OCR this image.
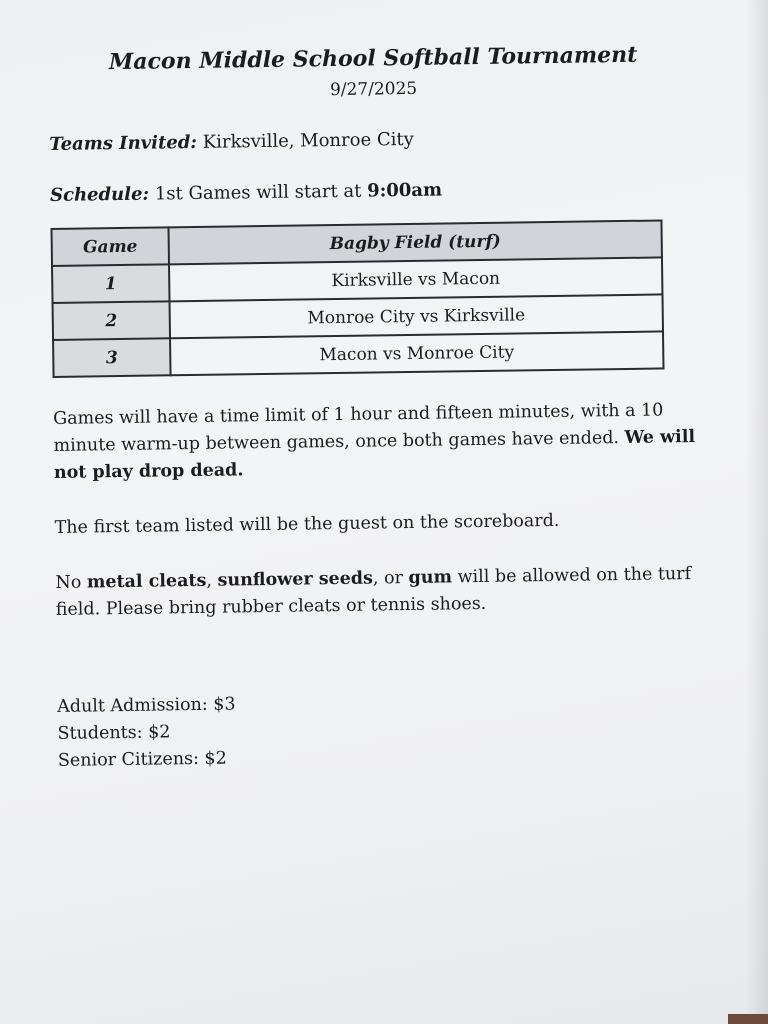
Macon Middle School Softball Tournament
9/27/2025
Teams Invited: Kirksville, Monroe City
Schedule: 1st Games will start at 9:00am
Game	Bagby Field (turf)
1	Kirksville vs Macon
2	Monroe City vs Kirksville
3	Macon vs Monroe City
Games will have a time limit of 1 hour and fifteen minutes, with a 10 minute warm-up between games, once both games have ended. We will not play drop dead.
The first team listed will be the guest on the scoreboard.
No metal cleats, sunflower seeds, or gum will be allowed on the turf field. Please bring rubber cleats or tennis shoes.
Adult Admission: $3
Students: $2
Senior Citizens: $2
